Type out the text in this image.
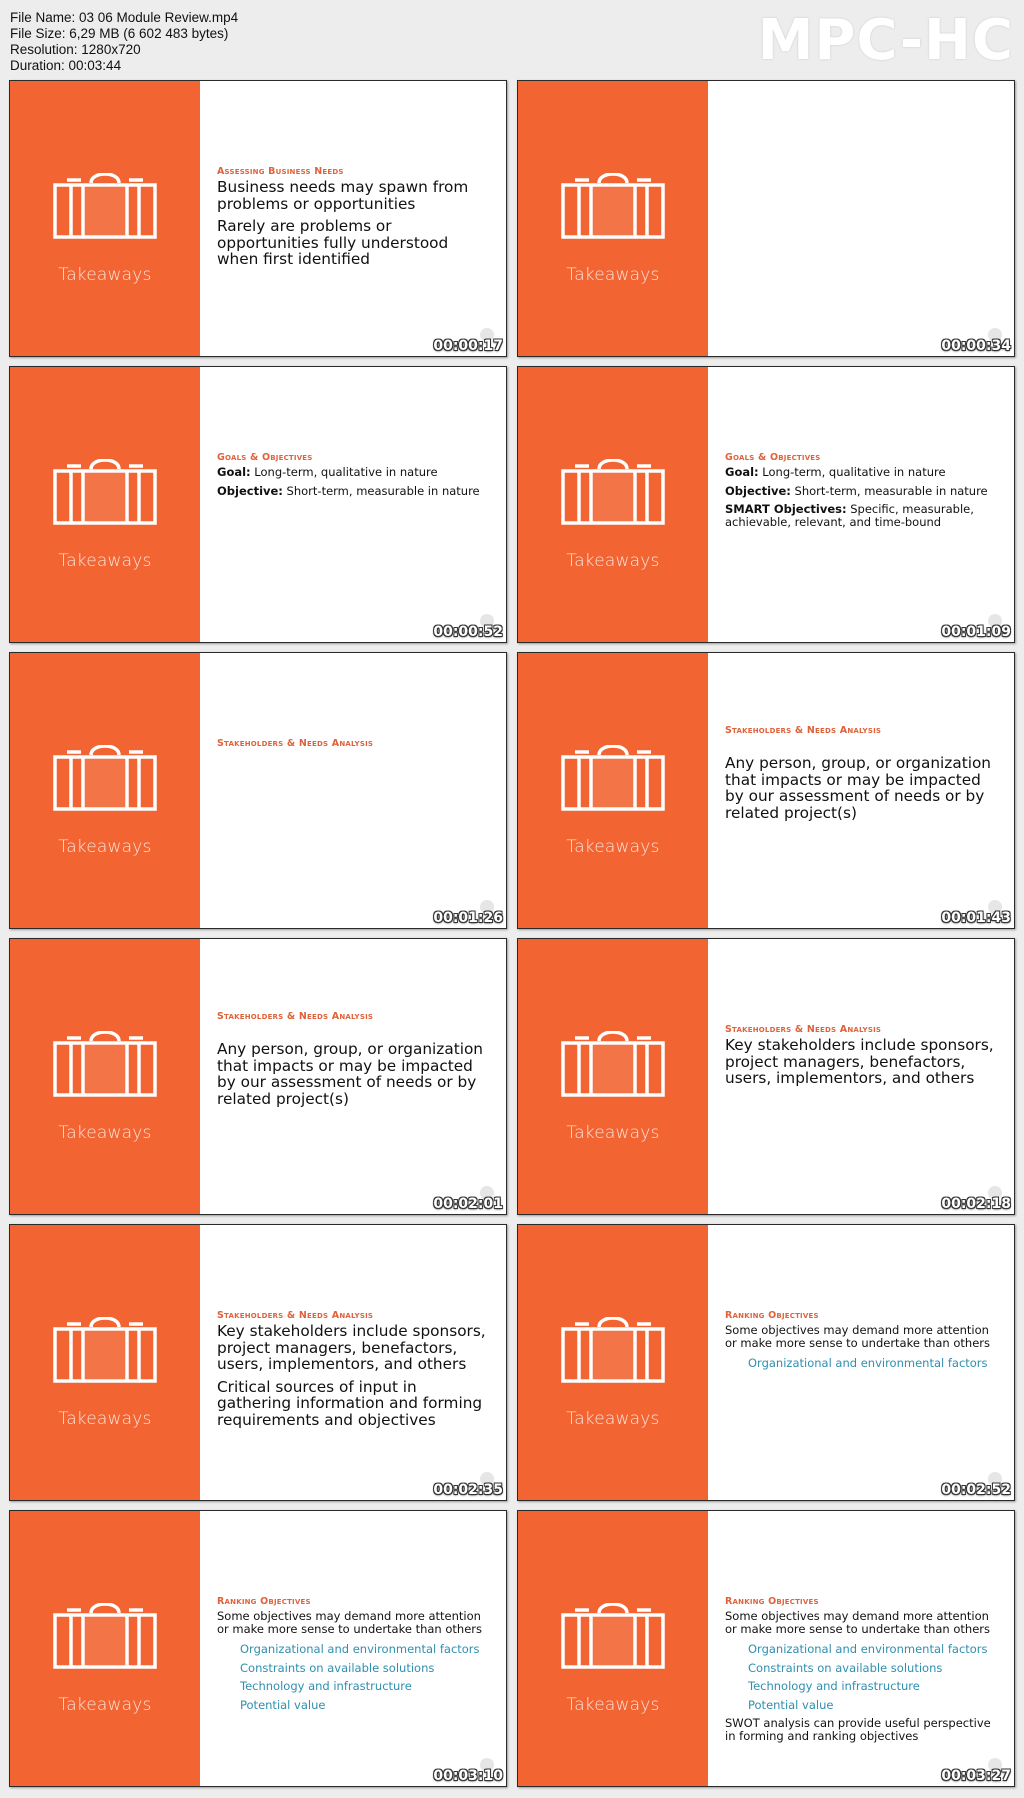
File Name: 03 06 Module Review.mp4
File Size: 6,29 MB (6 602 483 bytes)
Resolution: 1280x720
Duration: 00:03:44	MPC-HC
Takeaways
Assessing Business Needs

Business needs may spawn from problems or opportunities

Rarely are problems or opportunities fully understood when first identified

00:00:17
Takeaways
00:00:34
Takeaways
Goals & Objectives

Goal: Long-term, qualitative in nature

Objective: Short-term, measurable in nature

00:00:52
Takeaways
Goals & Objectives

Goal: Long-term, qualitative in nature

Objective: Short-term, measurable in nature

SMART Objectives: Specific, measurable, achievable, relevant, and time-bound

00:01:09
Takeaways
Stakeholders & Needs Analysis
00:01:26
Takeaways
Stakeholders & Needs Analysis

Any person, group, or organization that impacts or may be impacted by our assessment of needs or by related project(s)

00:01:43
Takeaways
Stakeholders & Needs Analysis

Any person, group, or organization that impacts or may be impacted by our assessment of needs or by related project(s)

00:02:01
Takeaways
Stakeholders & Needs Analysis

Key stakeholders include sponsors, project managers, benefactors, users, implementors, and others

00:02:18
Takeaways
Stakeholders & Needs Analysis

Key stakeholders include sponsors, project managers, benefactors, users, implementors, and others

Critical sources of input in gathering information and forming requirements and objectives

00:02:35
Takeaways
Ranking Objectives

Some objectives may demand more attention or make more sense to undertake than others

Organizational and environmental factors

00:02:52
Takeaways
Ranking Objectives

Some objectives may demand more attention or make more sense to undertake than others

Organizational and environmental factors

Constraints on available solutions

Technology and infrastructure

Potential value

00:03:10
Takeaways
Ranking Objectives

Some objectives may demand more attention or make more sense to undertake than others

Organizational and environmental factors

Constraints on available solutions

Technology and infrastructure

Potential value

SWOT analysis can provide useful perspective in forming and ranking objectives

00:03:27
